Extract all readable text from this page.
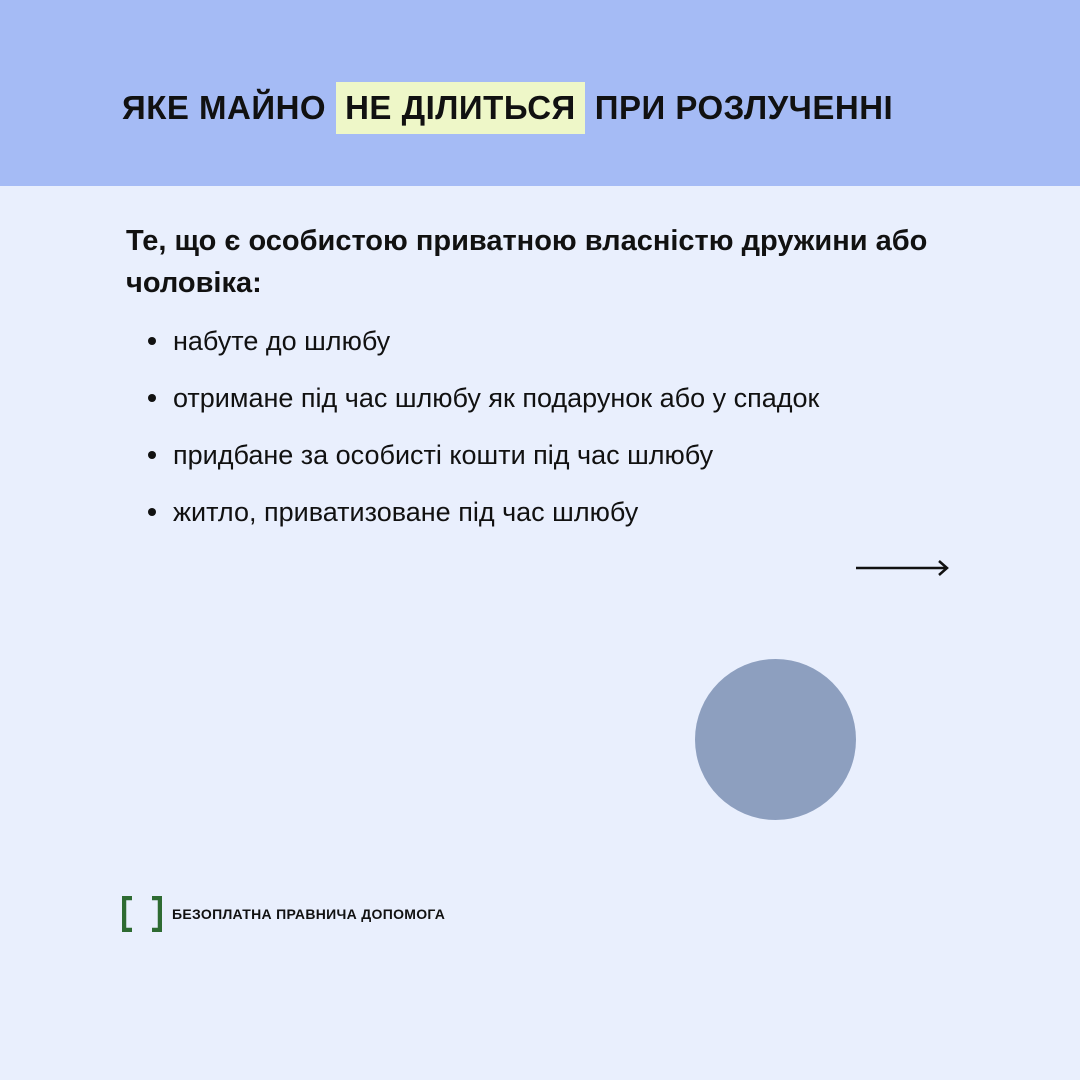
ЯКЕ МАЙНО НЕ ДІЛИТЬСЯ ПРИ РОЗЛУЧЕННІ

Те, що є особистою приватною власністю дружини або чоловіка:

набуте до шлюбу
отримане під час шлюбу як подарунок або у спадок
придбане за особисті кошти під час шлюбу
житло, приватизоване під час шлюбу
БЕЗОПЛАТНА ПРАВНИЧА ДОПОМОГА
